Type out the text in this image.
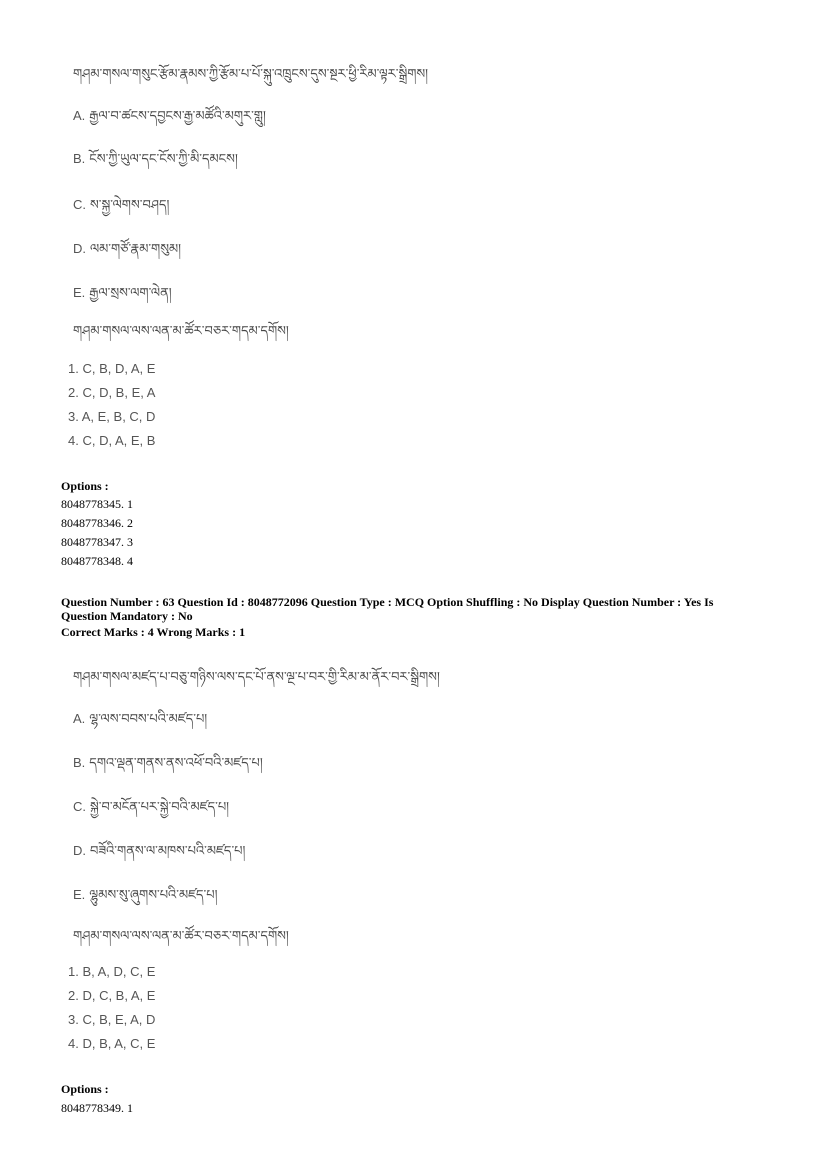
གཤམ་གསལ་གསུང་རྩོམ་རྣམས་ཀྱི་རྩོམ་པ་པོ་སྐུ་འཁྲུངས་དུས་སྔར་ཕྱི་རིམ་ལྟར་སྒྲིགས།
A. རྒྱལ་བ་ཚངས་དབྱངས་རྒྱ་མཚོའི་མགུར་གླུ།
B. ངོས་ཀྱི་ཡུལ་དང་ངོས་ཀྱི་མི་དམངས།
C. ས་སྐྱ་ལེགས་བཤད།
D. ལམ་གཙོ་རྣམ་གསུམ།
E. རྒྱལ་སྲས་ལག་ལེན།
གཤམ་གསལ་ལས་ལན་མ་ཚོར་བཅར་གདམ་དགོས།
1. C, B, D, A, E
2. C, D, B, E, A
3. A, E, B, C, D
4. C, D, A, E, B
Options :
8048778345. 1
8048778346. 2
8048778347. 3
8048778348. 4
Question Number : 63 Question Id : 8048772096 Question Type : MCQ Option Shuffling : No Display Question Number : Yes Is
Question Mandatory : No
Correct Marks : 4 Wrong Marks : 1
གཤམ་གསལ་མཛད་པ་བཅུ་གཉིས་ལས་དང་པོ་ནས་ལྔ་པ་བར་གྱི་རིམ་མ་ནོར་བར་སྒྲིགས།
A. ལྷ་ལས་བབས་པའི་མཛད་པ།
B. དགའ་ལྡན་གནས་ནས་འཕོ་བའི་མཛད་པ།
C. སྐྱེ་བ་མངོན་པར་སྐྱེ་བའི་མཛད་པ།
D. བཟོའི་གནས་ལ་མཁས་པའི་མཛད་པ།
E. ལྷུམས་སུ་ཞུགས་པའི་མཛད་པ།
གཤམ་གསལ་ལས་ལན་མ་ཚོར་བཅར་གདམ་དགོས།
1. B, A, D, C, E
2. D, C, B, A, E
3. C, B, E, A, D
4. D, B, A, C, E
Options :
8048778349. 1
